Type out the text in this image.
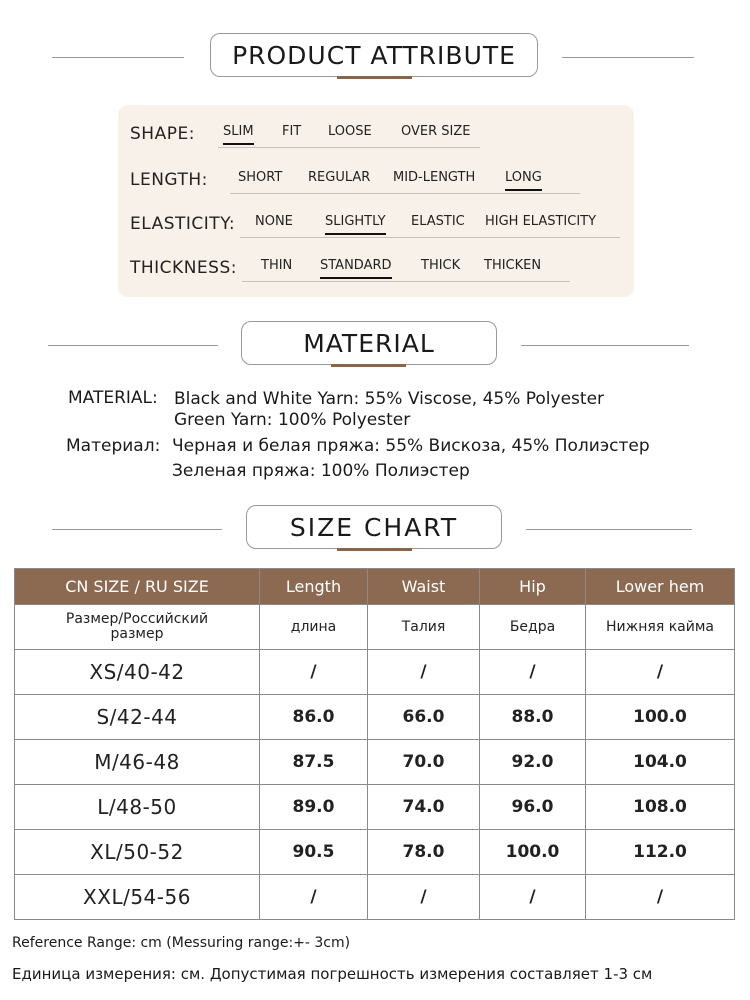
PRODUCT ATTRIBUTE
SHAPE: SLIM FIT LOOSE OVER SIZE
LENGTH: SHORT REGULAR MID-LENGTH LONG
ELASTICITY: NONE SLIGHTLY ELASTIC HIGH ELASTICITY
THICKNESS: THIN STANDARD THICK THICKEN
MATERIAL
MATERIAL: Black and White Yarn: 55% Viscose, 45% Polyester
Green Yarn: 100% Polyester
Материал: Черная и белая пряжа: 55% Вискоза, 45% Полиэстер
Зеленая пряжа: 100% Полиэстер
SIZE CHART
CN SIZE / RU SIZE	Length	Waist	Hip	Lower hem
Размер/Российский размер	длина	Талия	Бедра	Нижняя кайма
XS/40-42	/	/	/	/
S/42-44	86.0	66.0	88.0	100.0
M/46-48	87.5	70.0	92.0	104.0
L/48-50	89.0	74.0	96.0	108.0
XL/50-52	90.5	78.0	100.0	112.0
XXL/54-56	/	/	/	/
Reference Range: cm (Messuring range:+- 3cm)
Единица измерения: см. Допустимая погрешность измерения составляет 1-3 см
